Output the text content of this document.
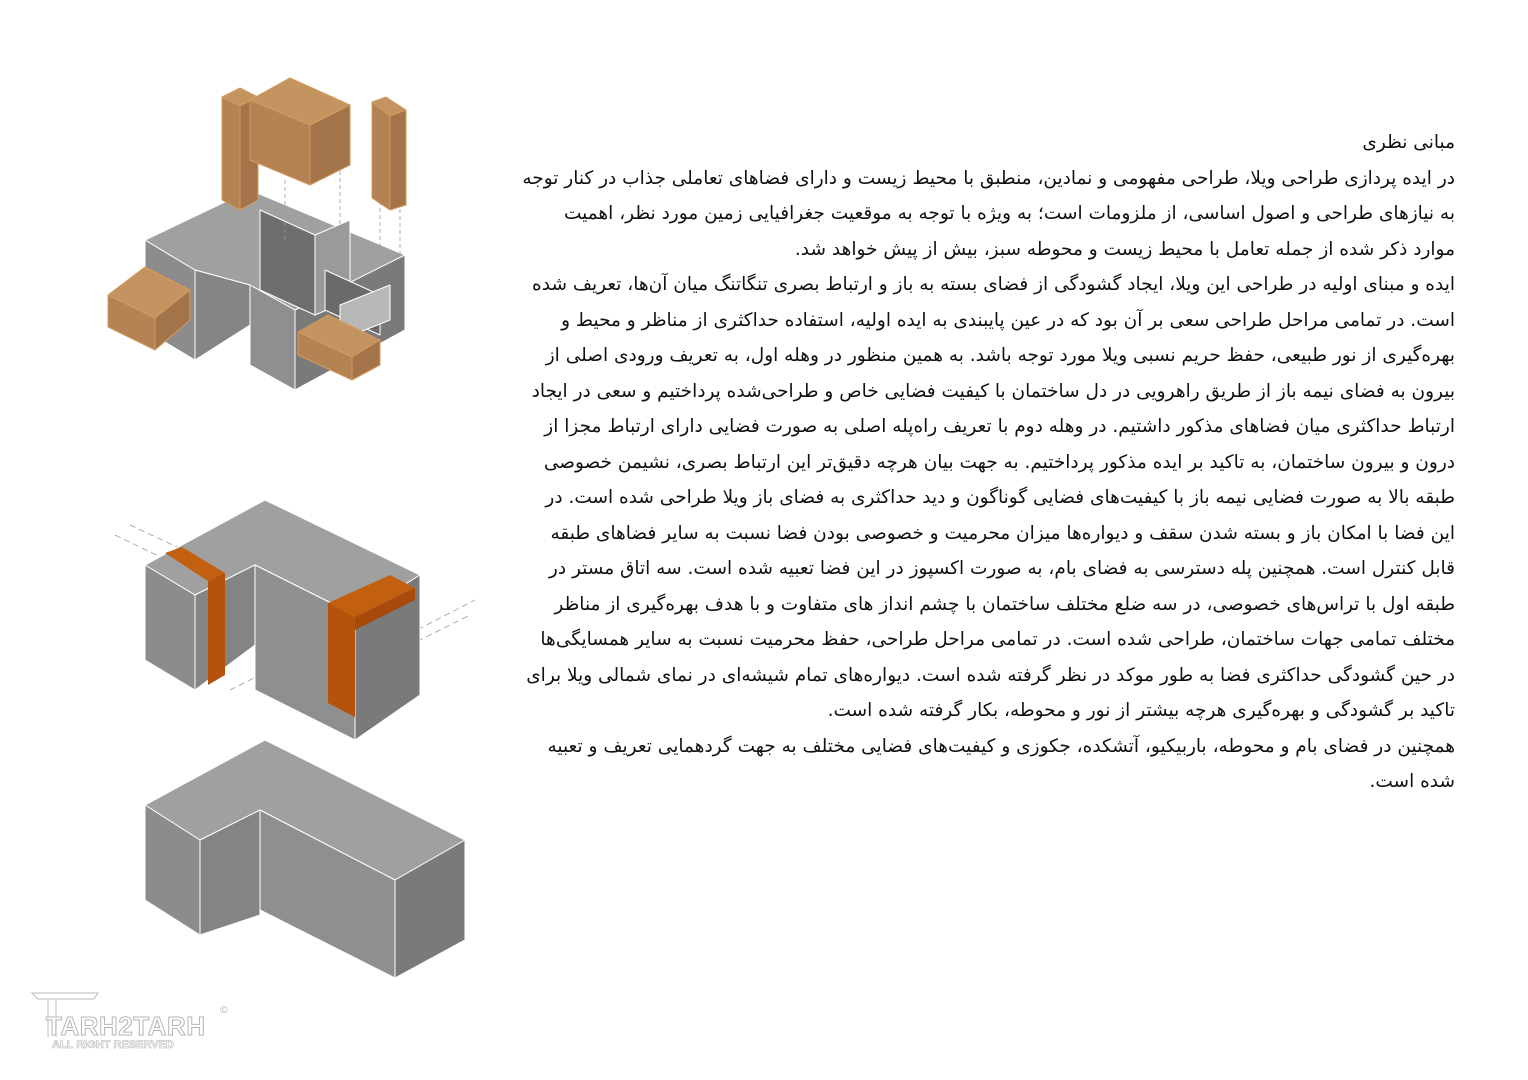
مبانی نظری

در ایده پردازی طراحی ویلا، طراحی مفهومی و نمادین، منطبق با محیط زیست و دارای فضاهای تعاملی جذاب در کنار توجه به نیازهای طراحی و اصول اساسی، از ملزومات است؛ به ویژه با توجه به موقعیت جغرافیایی زمین مورد نظر، اهمیت موارد ذکر شده از جمله تعامل با محیط زیست و محوطه سبز، بیش از پیش خواهد شد.

ایده و مبنای اولیه در طراحی این ویلا، ایجاد گشودگی از فضای بسته به باز و ارتباط بصری تنگاتنگ میان آن‌ها، تعریف شده است. در تمامی مراحل طراحی سعی بر آن بود که در عین پایبندی به ایده اولیه، استفاده حداکثری از مناظر و محیط و بهره‌گیری از نور طبیعی، حفظ حریم نسبی ویلا مورد توجه باشد. به همین منظور در وهله اول، به تعریف ورودی اصلی از بیرون به فضای نیمه باز از طریق راهرویی در دل ساختمان با کیفیت فضایی خاص و طراحی‌شده پرداختیم و سعی در ایجاد ارتباط حداکثری میان فضاهای مذکور داشتیم. در وهله دوم با تعریف راه‌پله اصلی به صورت فضایی دارای ارتباط مجزا از درون و بیرون ساختمان، به تاکید بر ایده مذکور پرداختیم. به جهت بیان هرچه دقیق‌تر این ارتباط بصری، نشیمن خصوصی طبقه بالا به صورت فضایی نیمه باز با کیفیت‌های فضایی گوناگون و دید حداکثری به فضای باز ویلا طراحی شده است. در این فضا با امکان باز و بسته شدن سقف و دیواره‌ها میزان محرمیت و خصوصی بودن فضا نسبت به سایر فضاهای طبقه قابل کنترل است. همچنین پله دسترسی به فضای بام، به صورت اکسپوز در این فضا تعبیه شده است. سه اتاق مستر در طبقه اول با تراس‌های خصوصی، در سه ضلع مختلف ساختمان با چشم انداز های متفاوت و با هدف بهره‌گیری از مناظر مختلف تمامی جهات ساختمان، طراحی شده است. در تمامی مراحل طراحی، حفظ محرمیت نسبت به سایر همسایگی‌ها در حین گشودگی حداکثری فضا به طور موکد در نظر گرفته شده است. دیواره‌های تمام شیشه‌ای در نمای شمالی ویلا برای تاکید بر گشودگی و بهره‌گیری هرچه بیشتر از نور و محوطه، بکار گرفته شده است.

همچنین در فضای بام و محوطه، باربیکیو، آتشکده، جکوزی و کیفیت‌های فضایی مختلف به جهت گردهمایی تعریف و تعبیه شده است.

TARH2TARH
ALL RIGHT RESERVED
©
